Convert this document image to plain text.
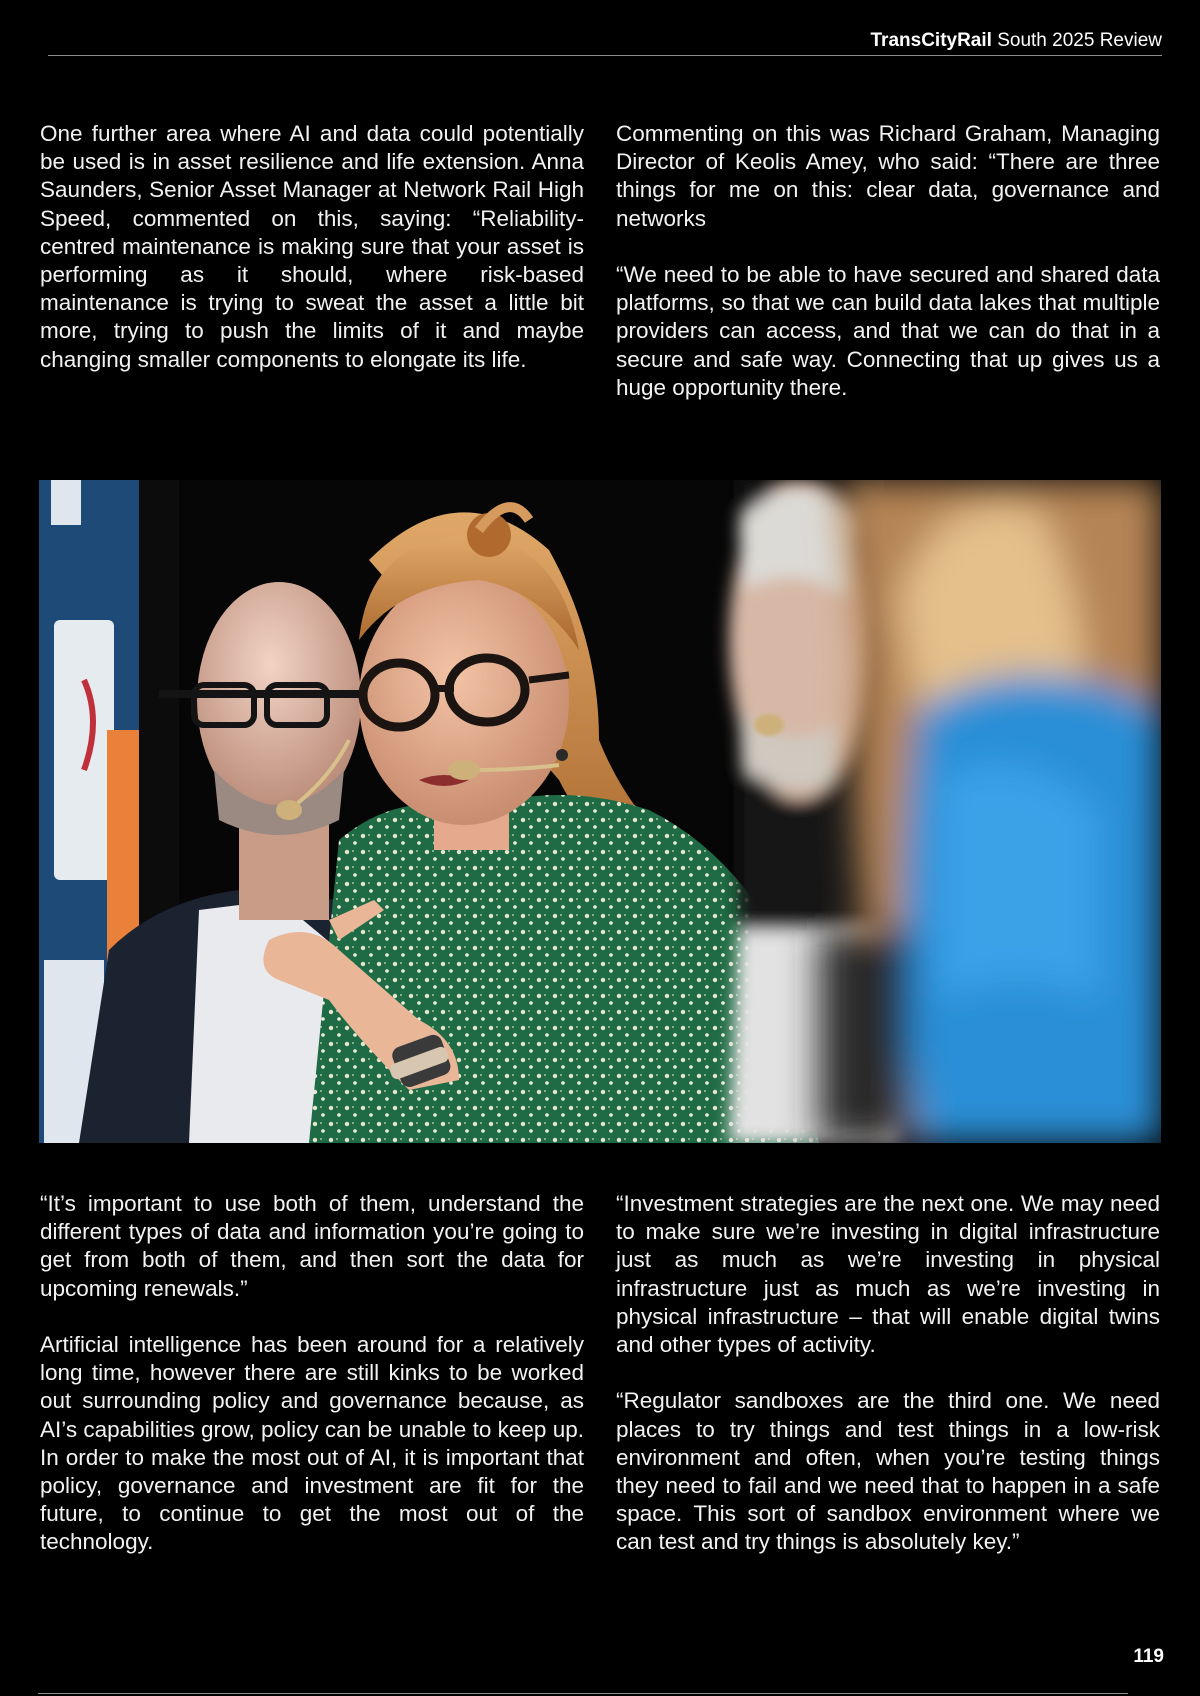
TransCityRail South 2025 Review

One further area where AI and data could potentially be used is in asset resilience and life extension. Anna Saunders, Senior Asset Manager at Network Rail High Speed, commented on this, saying: “Reliability-centred maintenance is making sure that your asset is performing as it should, where risk-based maintenance is trying to sweat the asset a little bit more, trying to push the limits of it and maybe changing smaller components to elongate its life.

Commenting on this was Richard Graham, Managing Director of Keolis Amey, who said: “There are three things for me on this: clear data, governance and networks

“We need to be able to have secured and shared data platforms, so that we can build data lakes that multiple providers can access, and that we can do that in a secure and safe way. Connecting that up gives us a huge opportunity there.

“It’s important to use both of them, understand the different types of data and information you’re going to get from both of them, and then sort the data for upcoming renewals.”

Artificial intelligence has been around for a relatively long time, however there are still kinks to be worked out surrounding policy and governance because, as AI’s capabilities grow, policy can be unable to keep up. In order to make the most out of AI, it is important that policy, governance and investment are fit for the future, to continue to get the most out of the technology.

“Investment strategies are the next one. We may need to make sure we’re investing in digital infrastructure just as much as we’re investing in physical infrastructure just as much as we’re investing in physical infrastructure – that will enable digital twins and other types of activity.

“Regulator sandboxes are the third one. We need places to try things and test things in a low-risk environment and often, when you’re testing things they need to fail and we need that to happen in a safe space. This sort of sandbox environment where we can test and try things is absolutely key.”

119
